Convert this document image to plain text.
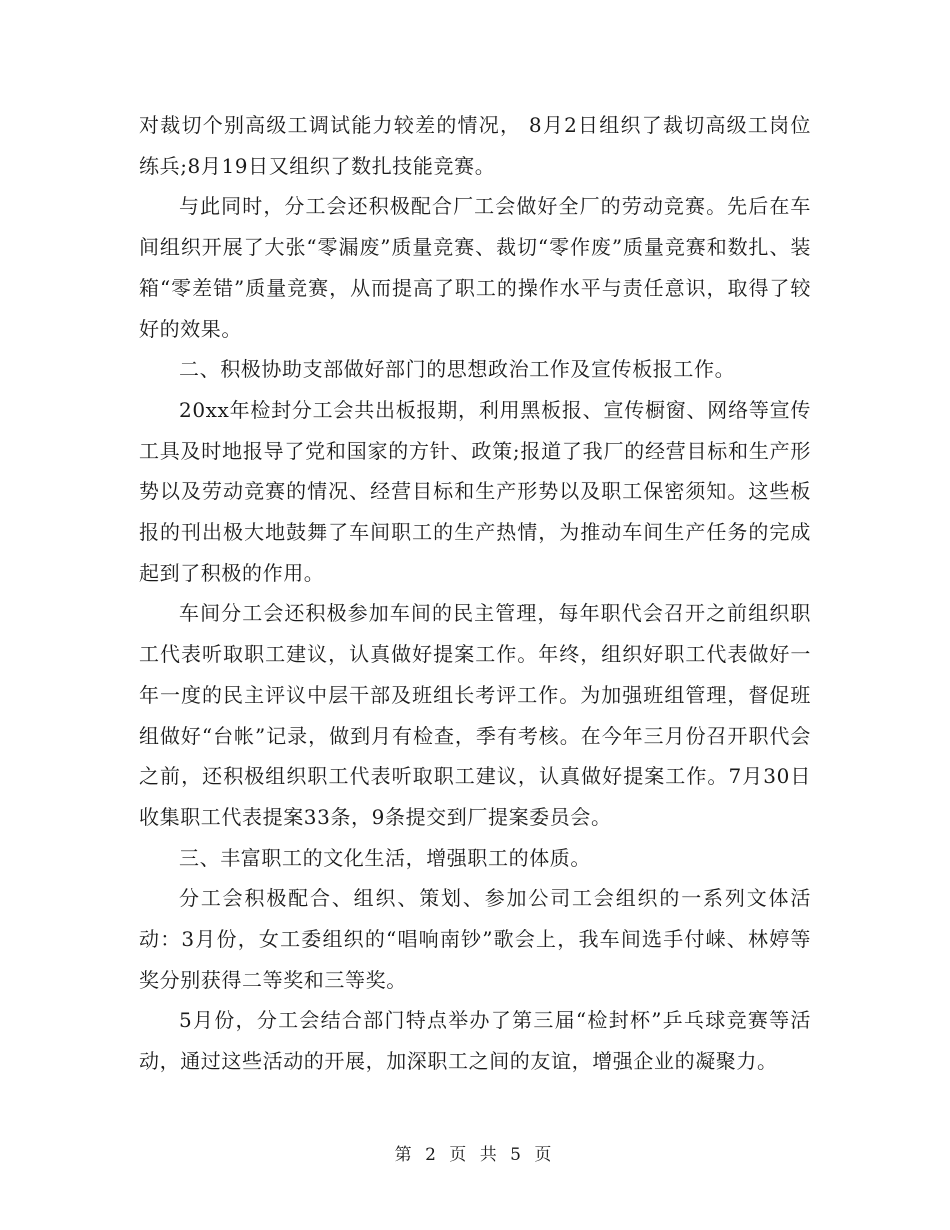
对裁切个别高级工调试能力较差的情况， 8月2日组织了裁切高级工岗位练兵;8月19日又组织了数扎技能竞赛。

与此同时，分工会还积极配合厂工会做好全厂的劳动竞赛。先后在车间组织开展了大张“零漏废”质量竞赛、裁切“零作废”质量竞赛和数扎、装箱“零差错”质量竞赛，从而提高了职工的操作水平与责任意识，取得了较好的效果。

二、积极协助支部做好部门的思想政治工作及宣传板报工作。

20xx年检封分工会共出板报期，利用黑板报、宣传橱窗、网络等宣传工具及时地报导了党和国家的方针、政策;报道了我厂的经营目标和生产形势以及劳动竞赛的情况、经营目标和生产形势以及职工保密须知。这些板报的刊出极大地鼓舞了车间职工的生产热情，为推动车间生产任务的完成起到了积极的作用。

车间分工会还积极参加车间的民主管理，每年职代会召开之前组织职工代表听取职工建议，认真做好提案工作。年终，组织好职工代表做好一年一度的民主评议中层干部及班组长考评工作。为加强班组管理，督促班组做好“台帐”记录，做到月有检查，季有考核。在今年三月份召开职代会之前，还积极组织职工代表听取职工建议，认真做好提案工作。7月30日收集职工代表提案33条，9条提交到厂提案委员会。

三、丰富职工的文化生活，增强职工的体质。

分工会积极配合、组织、策划、参加公司工会组织的一系列文体活动：3月份，女工委组织的“唱响南钞”歌会上，我车间选手付崃、林婷等奖分别获得二等奖和三等奖。

5月份，分工会结合部门特点举办了第三届“检封杯”乒乓球竞赛等活动，通过这些活动的开展，加深职工之间的友谊，增强企业的凝聚力。

第 2 页 共 5 页
